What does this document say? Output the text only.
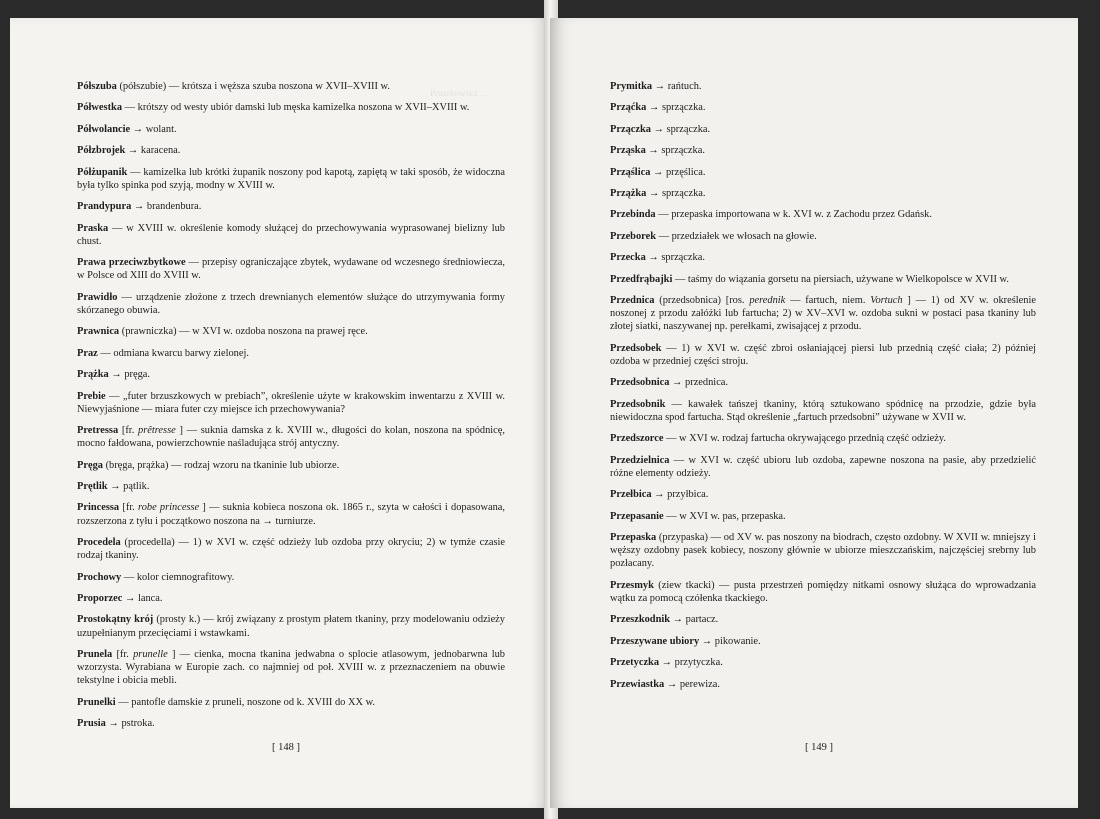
Pruszkowska …

Półszuba (półszubie) — krótsza i węższa szuba noszona w XVII–XVIII w.

Półwestka — krótszy od westy ubiór damski lub męska kamizelka noszona w XVII–XVIII w.

Półwolancie → wolant.

Półzbrojek → karacena.

Półżupanik — kamizelka lub krótki żupanik noszony pod kapotą, zapiętą w taki sposób, że widoczna była tylko spinka pod szyją, modny w XVIII w.

Prandypura → brandenbura.

Praska — w XVIII w. określenie komody służącej do przechowywania wyprasowanej bielizny lub chust.

Prawa przeciwzbytkowe — przepisy ograniczające zbytek, wydawane od wczesnego średniowiecza, w Polsce od XIII do XVIII w.

Prawidło — urządzenie złożone z trzech drewnianych elementów służące do utrzymywania formy skórzanego obuwia.

Prawnica (prawniczka) — w XVI w. ozdoba noszona na prawej ręce.

Praz — odmiana kwarcu barwy zielonej.

Prążka → pręga.

Prebie — „futer brzuszkowych w prebiach”, określenie użyte w krakowskim inwentarzu z XVIII w. Niewyjaśnione — miara futer czy miejsce ich przechowywania?

Pretressa [fr. prêtresse ] — suknia damska z k. XVIII w., długości do kolan, noszona na spódnicę, mocno fałdowana, powierzchownie naśladująca strój antyczny.

Pręga (bręga, prążka) — rodzaj wzoru na tkaninie lub ubiorze.

Prętlik → pątlik.

Princessa [fr. robe princesse ] — suknia kobieca noszona ok. 1865 r., szyta w całości i dopasowana, rozszerzona z tyłu i początkowo noszona na → turniurze.

Procedela (procedella) — 1) w XVI w. część odzieży lub ozdoba przy okryciu; 2) w tymże czasie rodzaj tkaniny.

Prochowy — kolor ciemnografitowy.

Proporzec → lanca.

Prostokątny krój (prosty k.) — krój związany z prostym płatem tkaniny, przy modelowaniu odzieży uzupełnianym przecięciami i wstawkami.

Prunela [fr. prunelle ] — cienka, mocna tkanina jedwabna o splocie atlasowym, jednobarwna lub wzorzysta. Wyrabiana w Europie zach. co najmniej od poł. XVIII w. z przeznaczeniem na obuwie tekstylne i obicia mebli.

Prunelki — pantofle damskie z pruneli, noszone od k. XVIII do XX w.

Prusia → pstroka.

[ 148 ]

Prymitka → rańtuch.

Prząćka → sprzączka.

Przączka → sprzączka.

Prząska → sprzączka.

Prząślica → przęślica.

Przążka → sprzączka.

Przebinda — przepaska importowana w k. XVI w. z Zachodu przez Gdańsk.

Przeborek — przedziałek we włosach na głowie.

Przecka → sprzączka.

Przedfrąbajki — taśmy do wiązania gorsetu na piersiach, używane w Wielkopolsce w XVII w.

Przednica (przedsobnica) [ros. perednik — fartuch, niem. Vortuch ] — 1) od XV w. określenie noszonej z przodu załóżki lub fartucha; 2) w XV–XVI w. ozdoba sukni w postaci pasa tkaniny lub złotej siatki, naszywanej np. perełkami, zwisającej z przodu.

Przedsobek — 1) w XVI w. część zbroi osłaniającej piersi lub przednią część ciała; 2) później ozdoba w przedniej części stroju.

Przedsobnica → przednica.

Przedsobnik — kawałek tańszej tkaniny, którą sztukowano spódnicę na przodzie, gdzie była niewidoczna spod fartucha. Stąd określenie „fartuch przedsobni” używane w XVII w.

Przedszorce — w XVI w. rodzaj fartucha okrywającego przednią część odzieży.

Przedzielnica — w XVI w. część ubioru lub ozdoba, zapewne noszona na pasie, aby przedzielić różne elementy odzieży.

Przełbica → przyłbica.

Przepasanie — w XVI w. pas, przepaska.

Przepaska (przypaska) — od XV w. pas noszony na biodrach, często ozdobny. W XVII w. mniejszy i węższy ozdobny pasek kobiecy, noszony głównie w ubiorze mieszczańskim, najczęściej srebrny lub pozłacany.

Przesmyk (ziew tkacki) — pusta przestrzeń pomiędzy nitkami osnowy służąca do wprowadzania wątku za pomocą czółenka tkackiego.

Przeszkodnik → partacz.

Przeszywane ubiory → pikowanie.

Przetyczka → przytyczka.

Przewiastka → perewiza.

[ 149 ]
